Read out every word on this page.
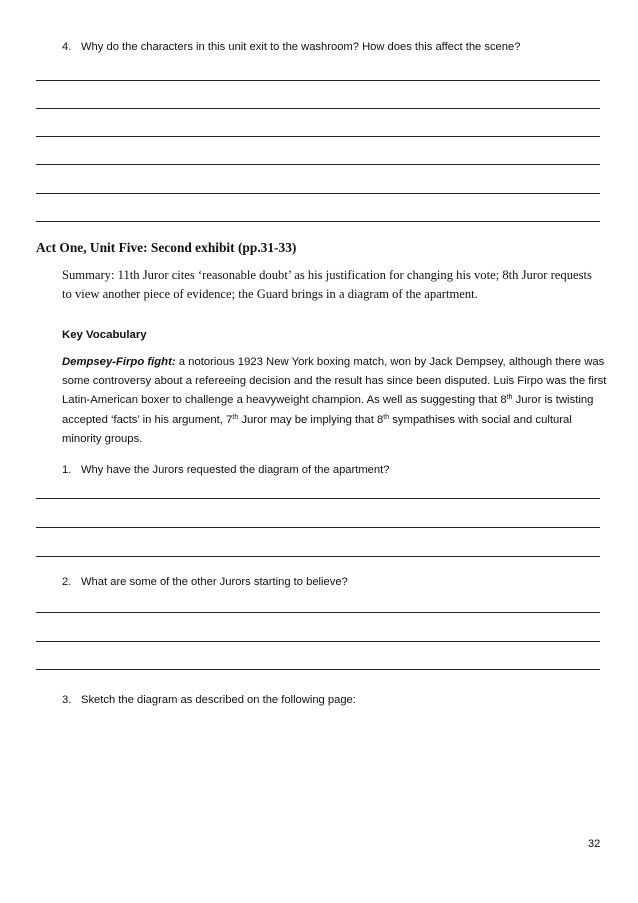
4. Why do the characters in this unit exit to the washroom? How does this affect the scene?
Act One, Unit Five: Second exhibit (pp.31-33)
Summary: 11th Juror cites ‘reasonable doubt’ as his justification for changing his vote; 8th Juror requests to view another piece of evidence; the Guard brings in a diagram of the apartment.
Key Vocabulary
Dempsey-Firpo fight: a notorious 1923 New York boxing match, won by Jack Dempsey, although there was some controversy about a refereeing decision and the result has since been disputed. Luis Firpo was the first Latin-American boxer to challenge a heavyweight champion. As well as suggesting that 8th Juror is twisting accepted ‘facts’ in his argument, 7th Juror may be implying that 8th sympathises with social and cultural minority groups.
1. Why have the Jurors requested the diagram of the apartment?
2. What are some of the other Jurors starting to believe?
3. Sketch the diagram as described on the following page:
32
